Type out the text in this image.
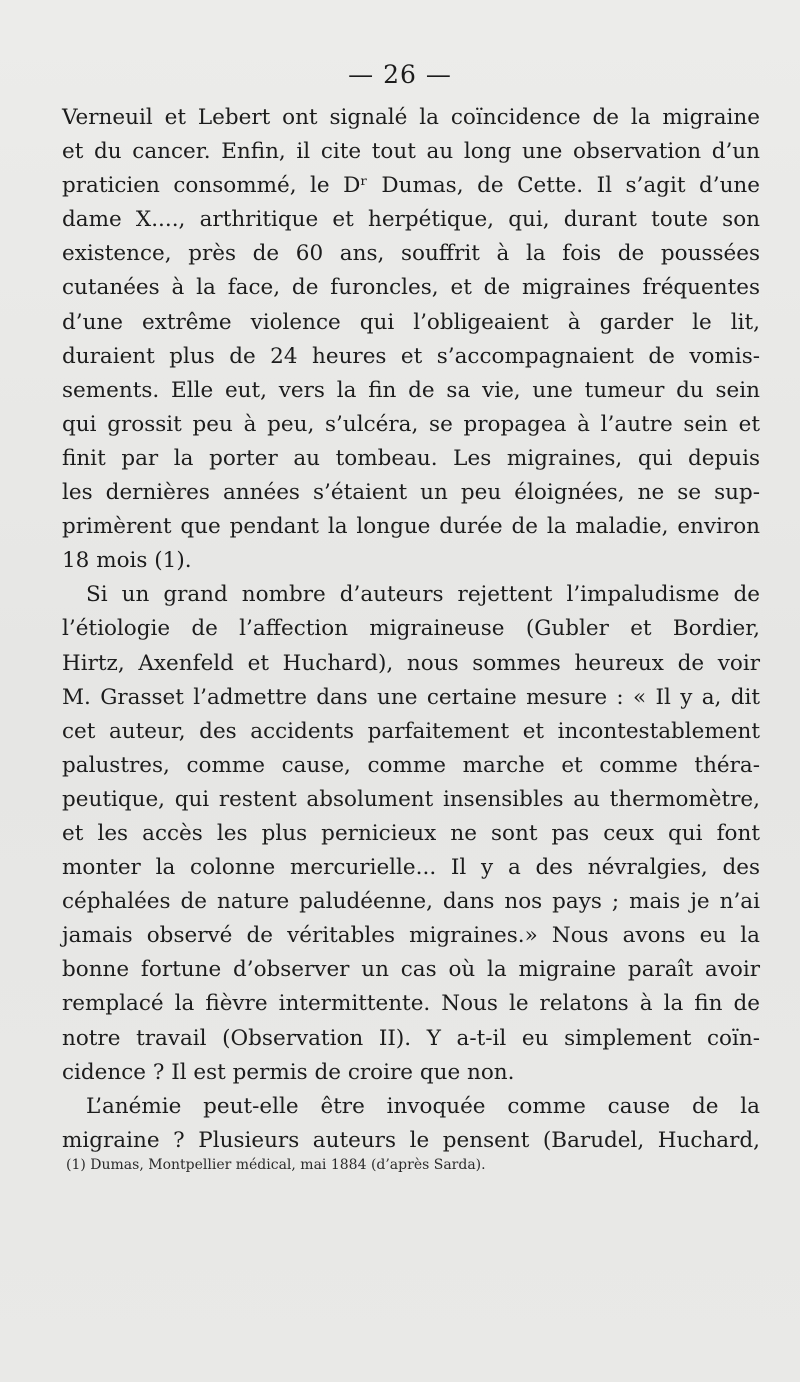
— 26 —
Verneuil et Lebert ont signalé la coïncidence de la migraine
et du cancer. Enfin, il cite tout au long une observation d’un
praticien consommé, le Dʳ Dumas, de Cette. Il s’agit d’une
dame X...., arthritique et herpétique, qui, durant toute son
existence, près de 60 ans, souffrit à la fois de poussées
cutanées à la face, de furoncles, et de migraines fréquentes
d’une extrême violence qui l’obligeaient à garder le lit,
duraient plus de 24 heures et s’accompagnaient de vomis-
sements. Elle eut, vers la fin de sa vie, une tumeur du sein
qui grossit peu à peu, s’ulcéra, se propagea à l’autre sein et
finit par la porter au tombeau. Les migraines, qui depuis
les dernières années s’étaient un peu éloignées, ne se sup-
primèrent que pendant la longue durée de la maladie, environ
18 mois (1).
Si un grand nombre d’auteurs rejettent l’impaludisme de
l’étiologie de l’affection migraineuse (Gubler et Bordier,
Hirtz, Axenfeld et Huchard), nous sommes heureux de voir
M. Grasset l’admettre dans une certaine mesure : « Il y a, dit
cet auteur, des accidents parfaitement et incontestablement
palustres, comme cause, comme marche et comme théra-
peutique, qui restent absolument insensibles au thermomètre,
et les accès les plus pernicieux ne sont pas ceux qui font
monter la colonne mercurielle... Il y a des névralgies, des
céphalées de nature paludéenne, dans nos pays ; mais je n’ai
jamais observé de véritables migraines.» Nous avons eu la
bonne fortune d’observer un cas où la migraine paraît avoir
remplacé la fièvre intermittente. Nous le relatons à la fin de
notre travail (Observation II). Y a-t-il eu simplement coïn-
cidence ? Il est permis de croire que non.
L’anémie peut-elle être invoquée comme cause de la
migraine ? Plusieurs auteurs le pensent (Barudel, Huchard,
(1) Dumas, Montpellier médical, mai 1884 (d’après Sarda).
